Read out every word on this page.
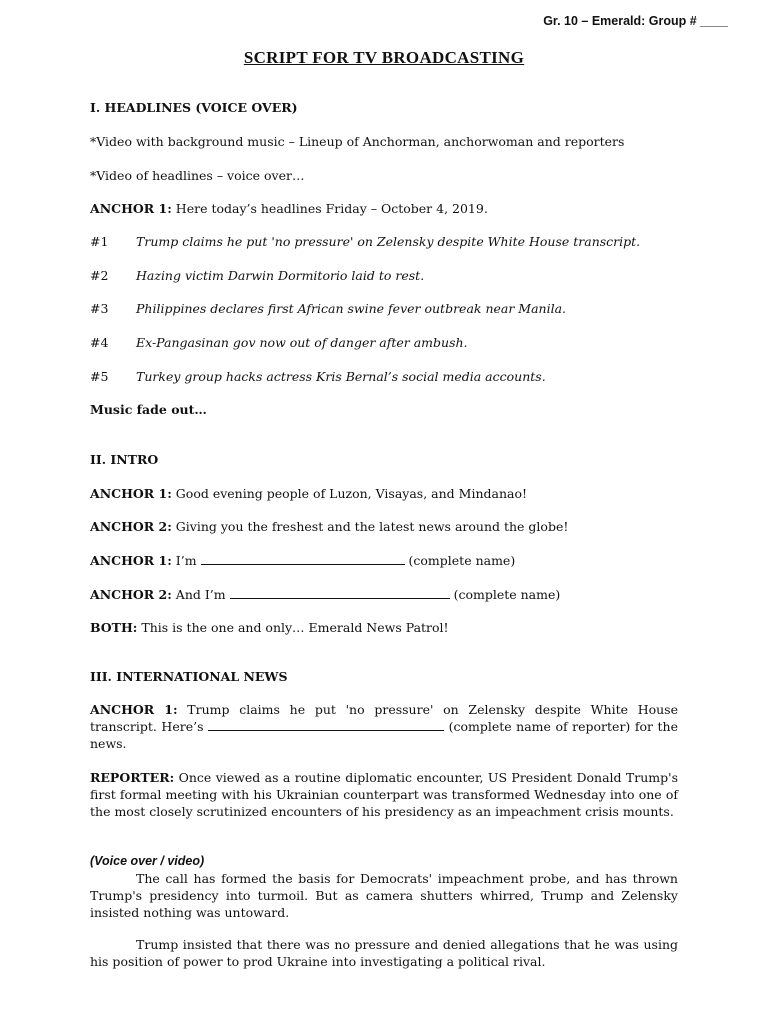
Gr. 10 – Emerald: Group # ____
SCRIPT FOR TV BROADCASTING
I. HEADLINES (VOICE OVER)
*Video with background music – Lineup of Anchorman, anchorwoman and reporters
*Video of headlines – voice over…
ANCHOR 1: Here today’s headlines Friday – October 4, 2019.
#1 Trump claims he put 'no pressure' on Zelensky despite White House transcript.
#2 Hazing victim Darwin Dormitorio laid to rest.
#3 Philippines declares first African swine fever outbreak near Manila.
#4 Ex-Pangasinan gov now out of danger after ambush.
#5 Turkey group hacks actress Kris Bernal’s social media accounts.
Music fade out…
II. INTRO
ANCHOR 1: Good evening people of Luzon, Visayas, and Mindanao!
ANCHOR 2: Giving you the freshest and the latest news around the globe!
ANCHOR 1: I’m	(complete name)
ANCHOR 2: And I’m	(complete name)
BOTH: This is the one and only… Emerald News Patrol!
III. INTERNATIONAL NEWS
ANCHOR 1: Trump claims he put 'no pressure' on Zelensky despite White House transcript. Here’s	(complete name of reporter) for the news.
REPORTER: Once viewed as a routine diplomatic encounter, US President Donald Trump's first formal meeting with his Ukrainian counterpart was transformed Wednesday into one of the most closely scrutinized encounters of his presidency as an impeachment crisis mounts.
(Voice over / video)
The call has formed the basis for Democrats' impeachment probe, and has thrown Trump's presidency into turmoil. But as camera shutters whirred, Trump and Zelensky insisted nothing was untoward.
Trump insisted that there was no pressure and denied allegations that he was using his position of power to prod Ukraine into investigating a political rival.
